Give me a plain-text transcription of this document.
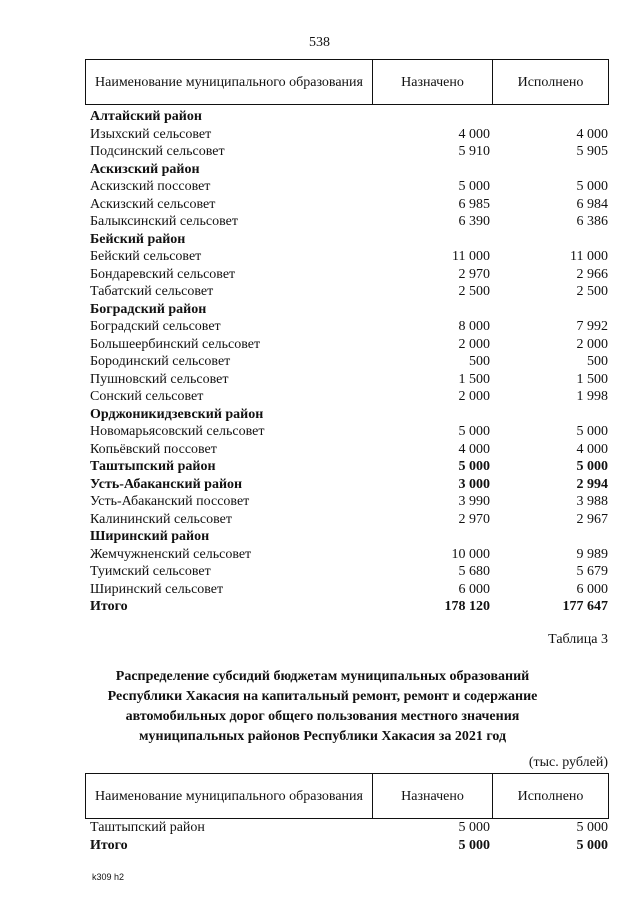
538
Наименование муниципального образования	Назначено	Исполнено
Алтайский район
Изыхский сельсовет	4 000	4 000
Подсинский сельсовет	5 910	5 905
Аскизский район
Аскизский поссовет	5 000	5 000
Аскизский сельсовет	6 985	6 984
Балыксинский сельсовет	6 390	6 386
Бейский район
Бейский сельсовет	11 000	11 000
Бондаревский сельсовет	2 970	2 966
Табатский сельсовет	2 500	2 500
Боградский район
Боградский сельсовет	8 000	7 992
Большеербинский сельсовет	2 000	2 000
Бородинский сельсовет	500	500
Пушновский сельсовет	1 500	1 500
Сонский сельсовет	2 000	1 998
Орджоникидзевский район
Новомарьясовский сельсовет	5 000	5 000
Копьёвский поссовет	4 000	4 000
Таштыпский район	5 000	5 000
Усть-Абаканский район	3 000	2 994
Усть-Абаканский поссовет	3 990	3 988
Калининский сельсовет	2 970	2 967
Ширинский район
Жемчужненский сельсовет	10 000	9 989
Туимский сельсовет	5 680	5 679
Ширинский сельсовет	6 000	6 000
Итого	178 120	177 647
Таблица 3
Распределение субсидий бюджетам муниципальных образований
Республики Хакасия на капитальный ремонт, ремонт и содержание
автомобильных дорог общего пользования местного значения
муниципальных районов Республики Хакасия за 2021 год
(тыс. рублей)
Наименование муниципального образования	Назначено	Исполнено
Таштыпский район	5 000	5 000
Итого	5 000	5 000
k309 h2
